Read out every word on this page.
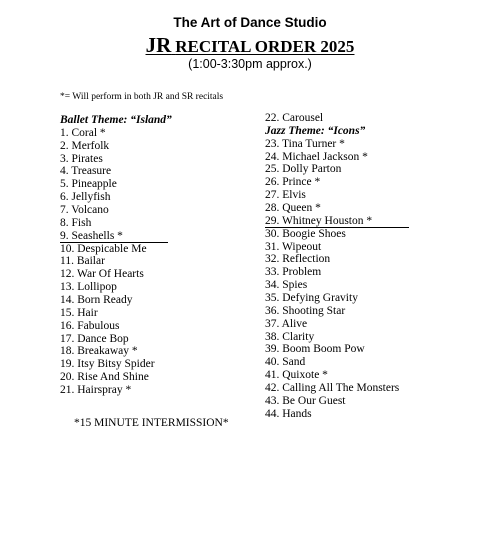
The Art of Dance Studio
JR RECITAL ORDER 2025
(1:00-3:30pm approx.)
*= Will perform in both JR and SR recitals
Ballet Theme: “Island”
1. Coral *
2. Merfolk
3. Pirates
4. Treasure
5. Pineapple
6. Jellyfish
7. Volcano
8. Fish
9. Seashells *
10. Despicable Me
11. Bailar
12. War Of Hearts
13. Lollipop
14. Born Ready
15. Hair
16. Fabulous
17. Dance Bop
18. Breakaway *
19. Itsy Bitsy Spider
20. Rise And Shine
21. Hairspray *
*15 MINUTE INTERMISSION*
22. Carousel
Jazz Theme: “Icons”
23. Tina Turner *
24. Michael Jackson *
25. Dolly Parton
26. Prince *
27. Elvis
28. Queen *
29. Whitney Houston *
30. Boogie Shoes
31. Wipeout
32. Reflection
33. Problem
34. Spies
35. Defying Gravity
36. Shooting Star
37. Alive
38. Clarity
39. Boom Boom Pow
40. Sand
41. Quixote *
42. Calling All The Monsters
43. Be Our Guest
44. Hands
